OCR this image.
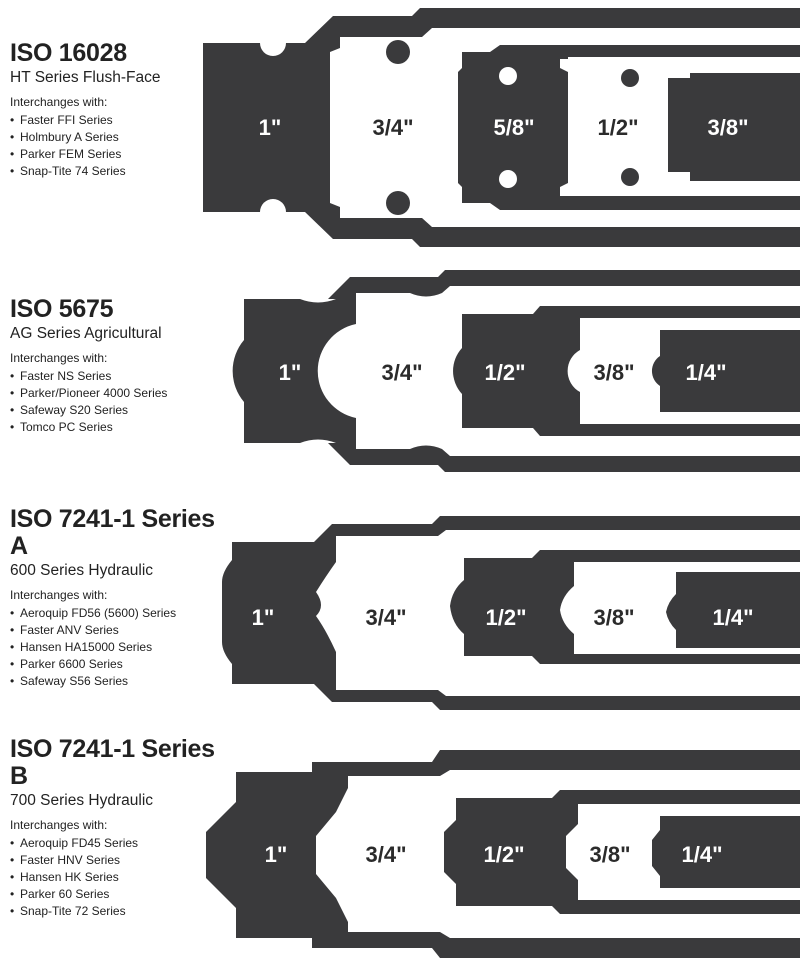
ISO 16028
HT Series Flush-Face
Interchanges with:
• Faster FFI Series
• Holmbury A Series
• Parker FEM Series
• Snap-Tite 74 Series
1"	3/4"	5/8"	1/2"	3/8"
ISO 5675
AG Series Agricultural
Interchanges with:
• Faster NS Series
• Parker/Pioneer 4000 Series
• Safeway S20 Series
• Tomco PC Series
1"	3/4"	1/2"	3/8" 1/4"
ISO 7241-1 Series A
600 Series Hydraulic
Interchanges with:
• Aeroquip FD56 (5600) Series
• Faster ANV Series
• Hansen HA15000 Series
• Parker 6600 Series
• Safeway S56 Series
1"	3/4"	1/2"	3/8"	1/4"
ISO 7241-1 Series B
700 Series Hydraulic
Interchanges with:
• Aeroquip FD45 Series
• Faster HNV Series
• Hansen HK Series
• Parker 60 Series
• Snap-Tite 72 Series
1"	3/4"	1/2"	3/8" 1/4"
